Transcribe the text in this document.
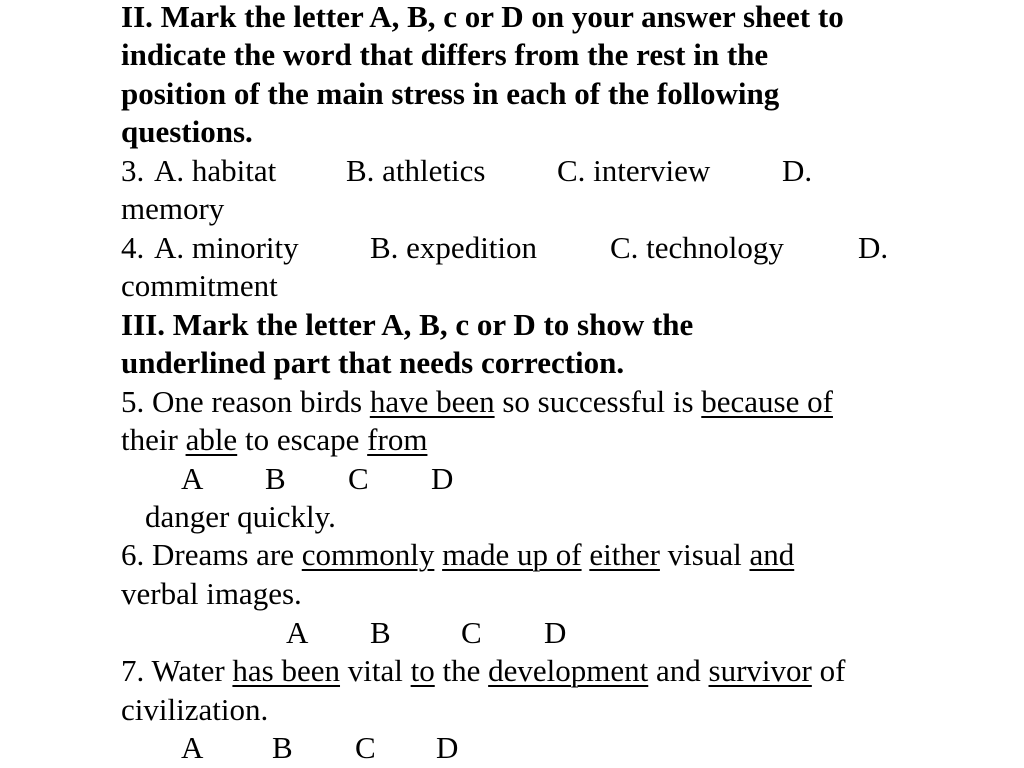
II. Mark the letter A, B, c or D on your answer sheet to

indicate the word that differs from the rest in the

position of the main stress in each of the following

questions.

3. A. habitat B. athletics C. interview D.

memory

4. A. minority B. expedition C. technology D.

commitment

III. Mark the letter A, B, c or D to show the

underlined part that needs correction.

5. One reason birds have been so successful is because of

their able to escape from

A B C D

danger quickly.

6. Dreams are commonly made up of either visual and

verbal images.

A B C D

7. Water has been vital to the development and survivor of

civilization.

A B C D
